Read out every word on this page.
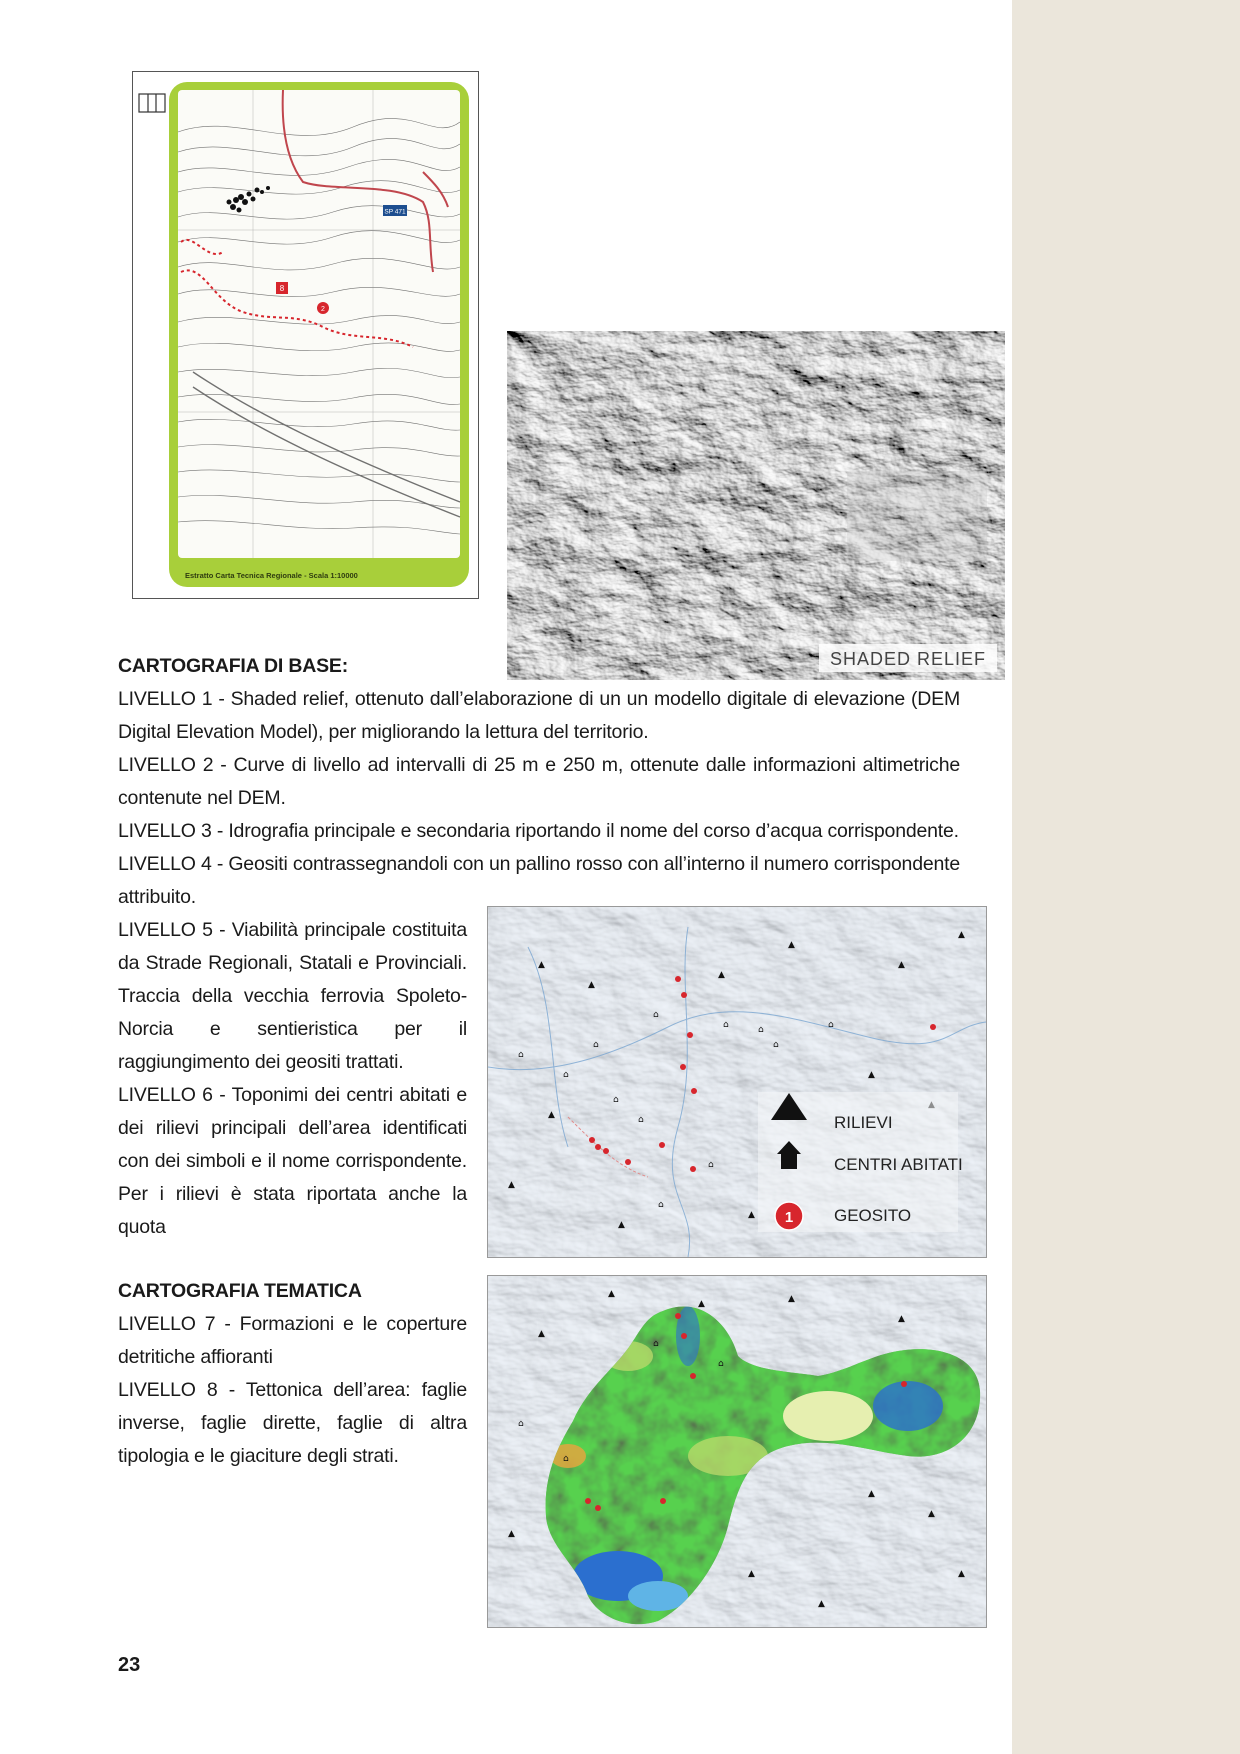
SP 471
8
2
Estratto Carta Tecnica Regionale - Scala 1:10000
SHADED RELIEF

CARTOGRAFIA DI BASE:

LIVELLO 1 - Shaded relief, ottenuto dall’elaborazione di un un modello digitale di elevazione (DEM Digital Elevation Model), per migliorando la lettura del territorio.

LIVELLO 2 - Curve di livello ad intervalli di 25 m e 250 m, ottenute dalle informazioni altimetriche contenute nel DEM.

LIVELLO 3 - Idrografia principale e secondaria riportando il nome del corso d’acqua corrispondente.

LIVELLO 4 - Geositi contrassegnandoli con un pallino rosso con all’interno il numero corrispondente attribuito.

LIVELLO 5 - Viabilità principale costituita da Strade Regionali, Statali e Provinciali. Traccia della vecchia ferrovia Spoleto-Norcia e sentieristica per il raggiungimento dei geositi trattati.

LIVELLO 6 - Toponimi dei centri abitati e dei rilievi principali dell’area identificati con dei simboli e il nome corrispondente. Per i rilievi è stata riportata anche la quota

⌂
⌂	⌂	⌂
⌂
⌂
⌂
⌂
⌂
⌂
⌂
⌂
▲
▲
▲
▲
▲
▲
▲
▲
▲
▲
▲
RILIEVI
CENTRI ABITATI
1 GEOSITO

CARTOGRAFIA TEMATICA

LIVELLO 7 - Formazioni e le coperture detritiche affioranti

LIVELLO 8 - Tettonica dell’area: faglie inverse, faglie dirette, faglie di altra tipologia e le giaciture degli strati.

⌂
⌂
⌂
⌂
▲	▲
▲
▲
▲
▲
▲
▲
▲
▲
▲
23
